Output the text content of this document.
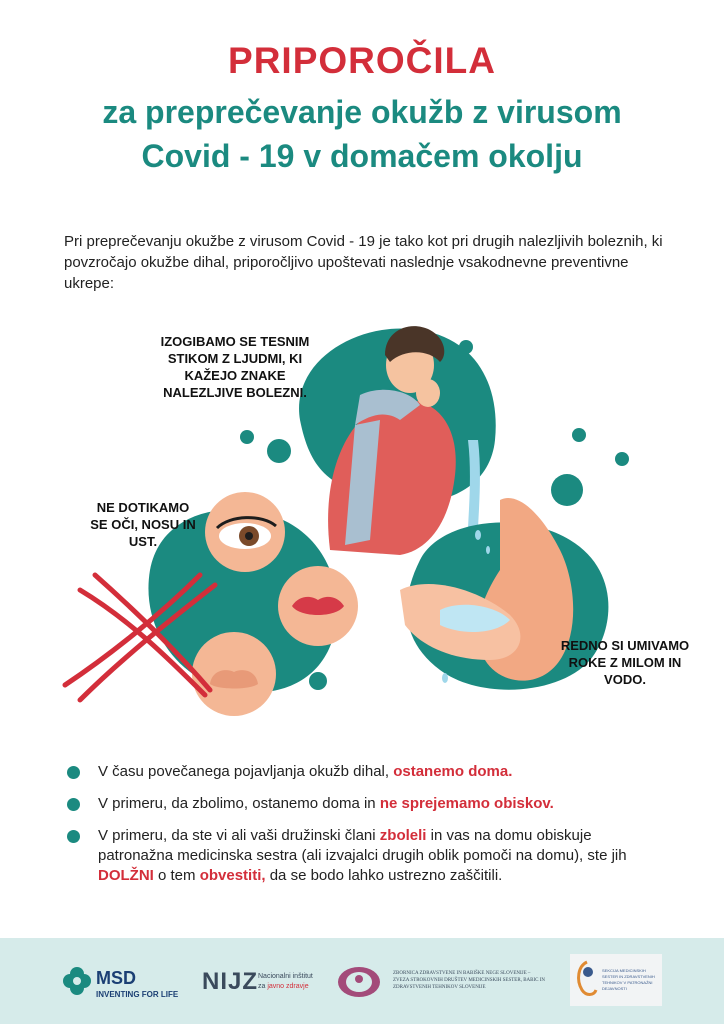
PRIPOROČILA
za preprečevanje okužb z virusom
Covid - 19 v domačem okolju
Pri preprečevanju okužbe z virusom Covid - 19 je tako kot pri drugih nalezljivih boleznih, ki povzročajo okužbe dihal, priporočljivo upoštevati naslednje vsakodnevne preventivne ukrepe:
IZOGIBAMO SE TESNIM STIKOM Z LJUDMI, KI KAŽEJO ZNAKE NALEZLJIVE BOLEZNI.
NE DOTIKAMO SE OČI, NOSU IN UST.
REDNO SI UMIVAMO ROKE Z MILOM IN VODO.
V času povečanega pojavljanja okužb dihal, ostanemo doma.
V primeru, da zbolimo, ostanemo doma in ne sprejemamo obiskov.
V primeru, da ste vi ali vaši družinski člani zboleli in vas na domu obiskuje patronažna medicinska sestra (ali izvajalci drugih oblik pomoči na domu), ste jih DOLŽNI o tem obvestiti, da se bodo lahko ustrezno zaščitili.
MSD
INVENTING FOR LIFE NIJZ Nacionalni inštitut
za javno zdravje
ZBORNICA ZDRAVSTVENE IN BABIŠKE NEGE SLOVENIJE – ZVEZA STROKOVNIH DRUŠTEV MEDICINSKIH SESTER, BABIC IN ZDRAVSTVENIH TEHNIKOV SLOVENIJE
SEKCIJA MEDICINSKIH SESTER IN ZDRAVSTVENIH TEHNIKOV V PATRONAŽNI DEJAVNOSTI
